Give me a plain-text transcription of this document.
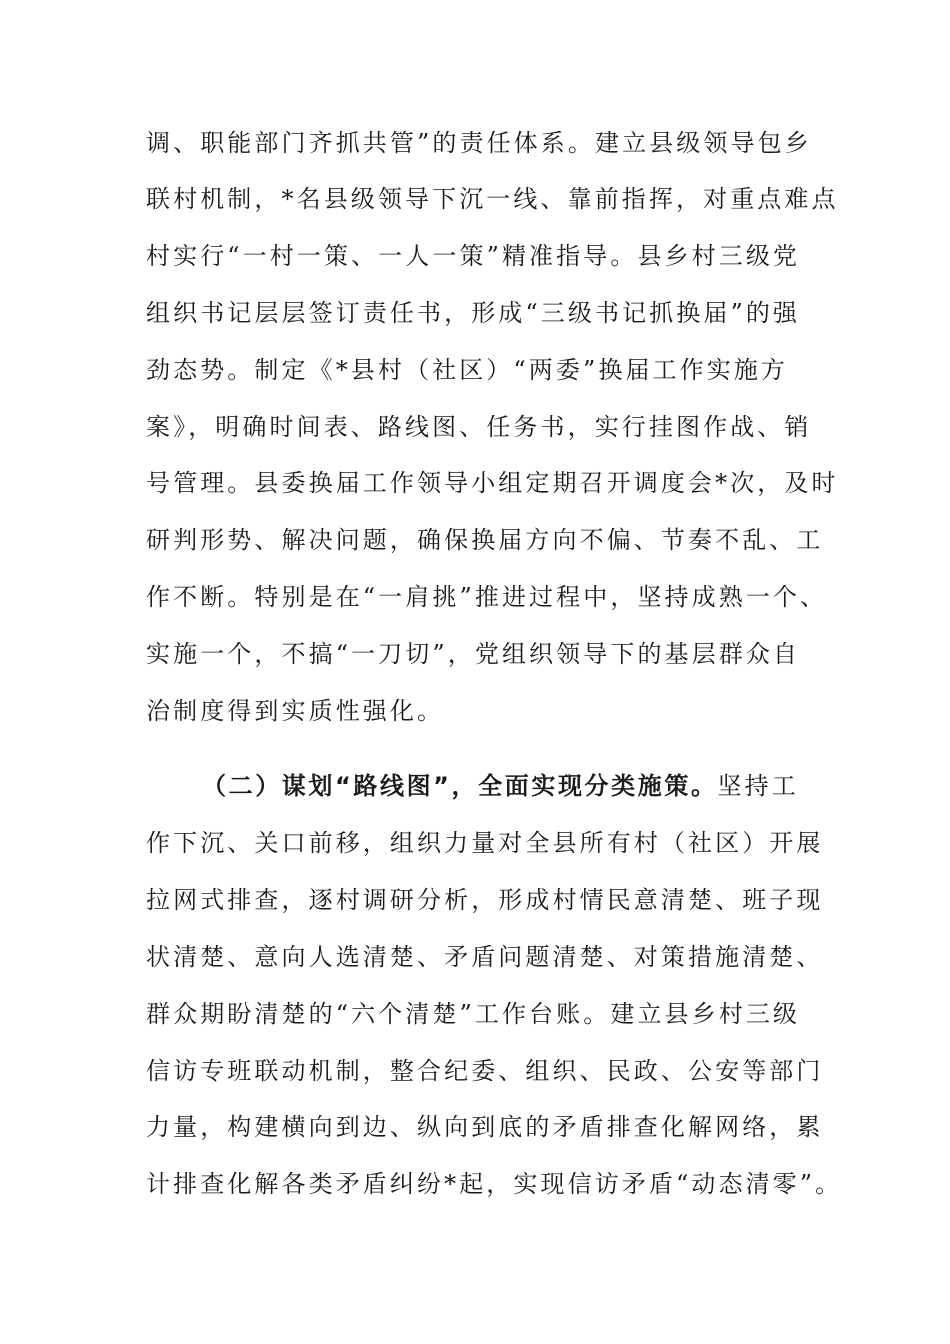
调、职能部门齐抓共管”的责任体系。建立县级领导包乡
联村机制，*名县级领导下沉一线、靠前指挥，对重点难点
村实行“一村一策、一人一策”精准指导。县乡村三级党
组织书记层层签订责任书，形成“三级书记抓换届”的强
劲态势。制定《*县村（社区）“两委”换届工作实施方
案》，明确时间表、路线图、任务书，实行挂图作战、销
号管理。县委换届工作领导小组定期召开调度会*次，及时
研判形势、解决问题，确保换届方向不偏、节奏不乱、工
作不断。特别是在“一肩挑”推进过程中，坚持成熟一个、
实施一个，不搞“一刀切”，党组织领导下的基层群众自
治制度得到实质性强化。
（二）谋划“路线图”，全面实现分类施策。坚持工
作下沉、关口前移，组织力量对全县所有村（社区）开展
拉网式排查，逐村调研分析，形成村情民意清楚、班子现
状清楚、意向人选清楚、矛盾问题清楚、对策措施清楚、
群众期盼清楚的“六个清楚”工作台账。建立县乡村三级
信访专班联动机制，整合纪委、组织、民政、公安等部门
力量，构建横向到边、纵向到底的矛盾排查化解网络，累
计排查化解各类矛盾纠纷*起，实现信访矛盾“动态清零”。
